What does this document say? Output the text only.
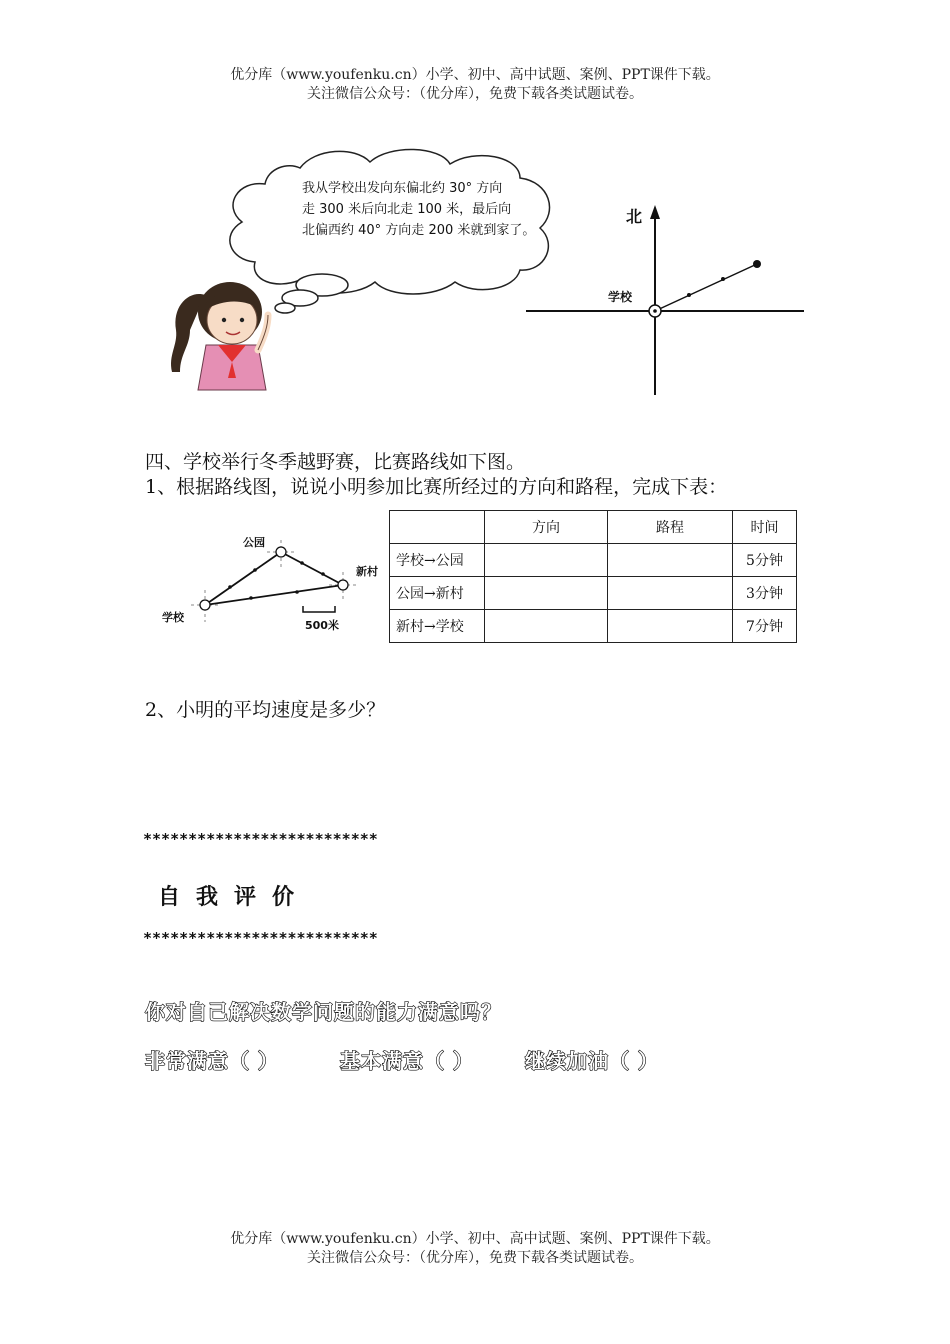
优分库（www.youfenku.cn）小学、初中、高中试题、案例、PPT课件下载。
关注微信公众号：（优分库），免费下载各类试题试卷。
我从学校出发向东偏北约 30° 方向
走 300 米后向北走 100 米，最后向
北偏西约 40° 方向走 200 米就到家了。
北
学校
四、学校举行冬季越野赛，比赛路线如下图。
1、根据路线图，说说小明参加比赛所经过的方向和路程，完成下表：
公园
新村
学校
500米
	方向	路程	时间
学校→公园			5分钟
公园→新村			3分钟
新村→学校			7分钟
2、小明的平均速度是多少？
**************************
自我评价
**************************
你对自己解决数学问题的能力满意吗？
非常满意（ ）	基本满意（ ）	继续加油（ ）
优分库（www.youfenku.cn）小学、初中、高中试题、案例、PPT课件下载。
关注微信公众号：（优分库），免费下载各类试题试卷。
